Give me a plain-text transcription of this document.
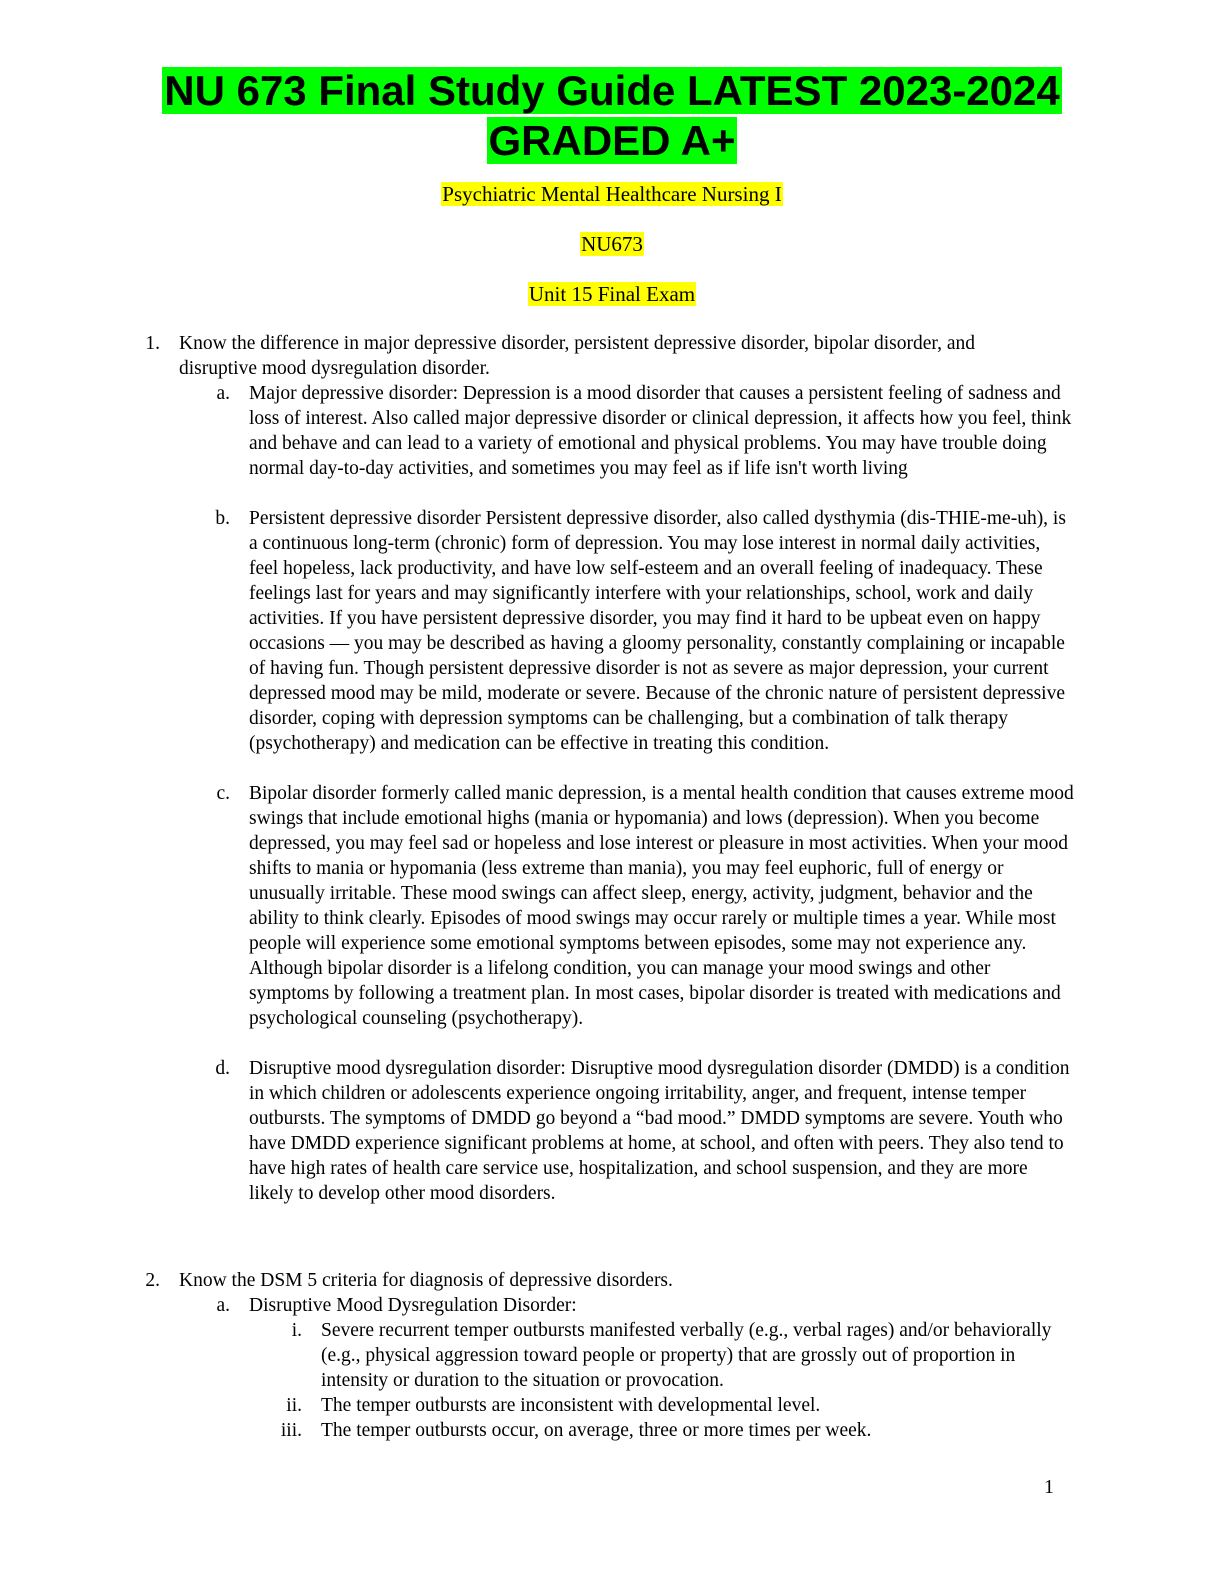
NU 673 Final Study Guide LATEST 2023-2024
GRADED A+
Psychiatric Mental Healthcare Nursing I
NU673
Unit 15 Final Exam
1. Know the difference in major depressive disorder, persistent depressive disorder, bipolar disorder, and disruptive mood dysregulation disorder.
a. Major depressive disorder: Depression is a mood disorder that causes a persistent feeling of sadness and loss of interest. Also called major depressive disorder or clinical depression, it affects how you feel, think and behave and can lead to a variety of emotional and physical problems. You may have trouble doing normal day-to-day activities, and sometimes you may feel as if life isn't worth living
b. Persistent depressive disorder Persistent depressive disorder, also called dysthymia (dis-THIE-me-uh), is a continuous long-term (chronic) form of depression. You may lose interest in normal daily activities, feel hopeless, lack productivity, and have low self-esteem and an overall feeling of inadequacy. These feelings last for years and may significantly interfere with your relationships, school, work and daily activities. If you have persistent depressive disorder, you may find it hard to be upbeat even on happy occasions — you may be described as having a gloomy personality, constantly complaining or incapable of having fun. Though persistent depressive disorder is not as severe as major depression, your current depressed mood may be mild, moderate or severe. Because of the chronic nature of persistent depressive disorder, coping with depression symptoms can be challenging, but a combination of talk therapy (psychotherapy) and medication can be effective in treating this condition.
c. Bipolar disorder formerly called manic depression, is a mental health condition that causes extreme mood swings that include emotional highs (mania or hypomania) and lows (depression). When you become depressed, you may feel sad or hopeless and lose interest or pleasure in most activities. When your mood shifts to mania or hypomania (less extreme than mania), you may feel euphoric, full of energy or unusually irritable. These mood swings can affect sleep, energy, activity, judgment, behavior and the ability to think clearly. Episodes of mood swings may occur rarely or multiple times a year. While most people will experience some emotional symptoms between episodes, some may not experience any. Although bipolar disorder is a lifelong condition, you can manage your mood swings and other symptoms by following a treatment plan. In most cases, bipolar disorder is treated with medications and psychological counseling (psychotherapy).
d. Disruptive mood dysregulation disorder: Disruptive mood dysregulation disorder (DMDD) is a condition in which children or adolescents experience ongoing irritability, anger, and frequent, intense temper outbursts. The symptoms of DMDD go beyond a “bad mood.” DMDD symptoms are severe. Youth who have DMDD experience significant problems at home, at school, and often with peers. They also tend to have high rates of health care service use, hospitalization, and school suspension, and they are more likely to develop other mood disorders.
2. Know the DSM 5 criteria for diagnosis of depressive disorders.
a. Disruptive Mood Dysregulation Disorder:
i. Severe recurrent temper outbursts manifested verbally (e.g., verbal rages) and/or behaviorally (e.g., physical aggression toward people or property) that are grossly out of proportion in intensity or duration to the situation or provocation.
ii. The temper outbursts are inconsistent with developmental level.
iii. The temper outbursts occur, on average, three or more times per week.
1
